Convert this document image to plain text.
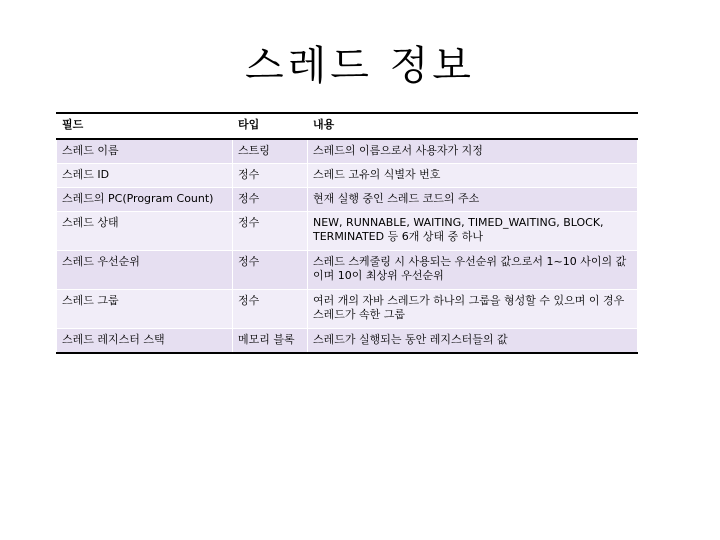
스레드 정보
필드	타입	내용
스레드 이름	스트링	스레드의 이름으로서 사용자가 지정
스레드 ID	정수	스레드 고유의 식별자 번호
스레드의 PC(Program Count)	정수	현재 실행 중인 스레드 코드의 주소
스레드 상태	정수	NEW, RUNNABLE, WAITING, TIMED_WAITING, BLOCK, TERMINATED 등 6개 상태 중 하나
스레드 우선순위	정수	스레드 스케줄링 시 사용되는 우선순위 값으로서 1~10 사이의 값이며 10이 최상위 우선순위
스레드 그룹	정수	여러 개의 자바 스레드가 하나의 그룹을 형성할 수 있으며 이 경우 스레드가 속한 그룹
스레드 레지스터 스택	메모리 블록	스레드가 실행되는 동안 레지스터들의 값
